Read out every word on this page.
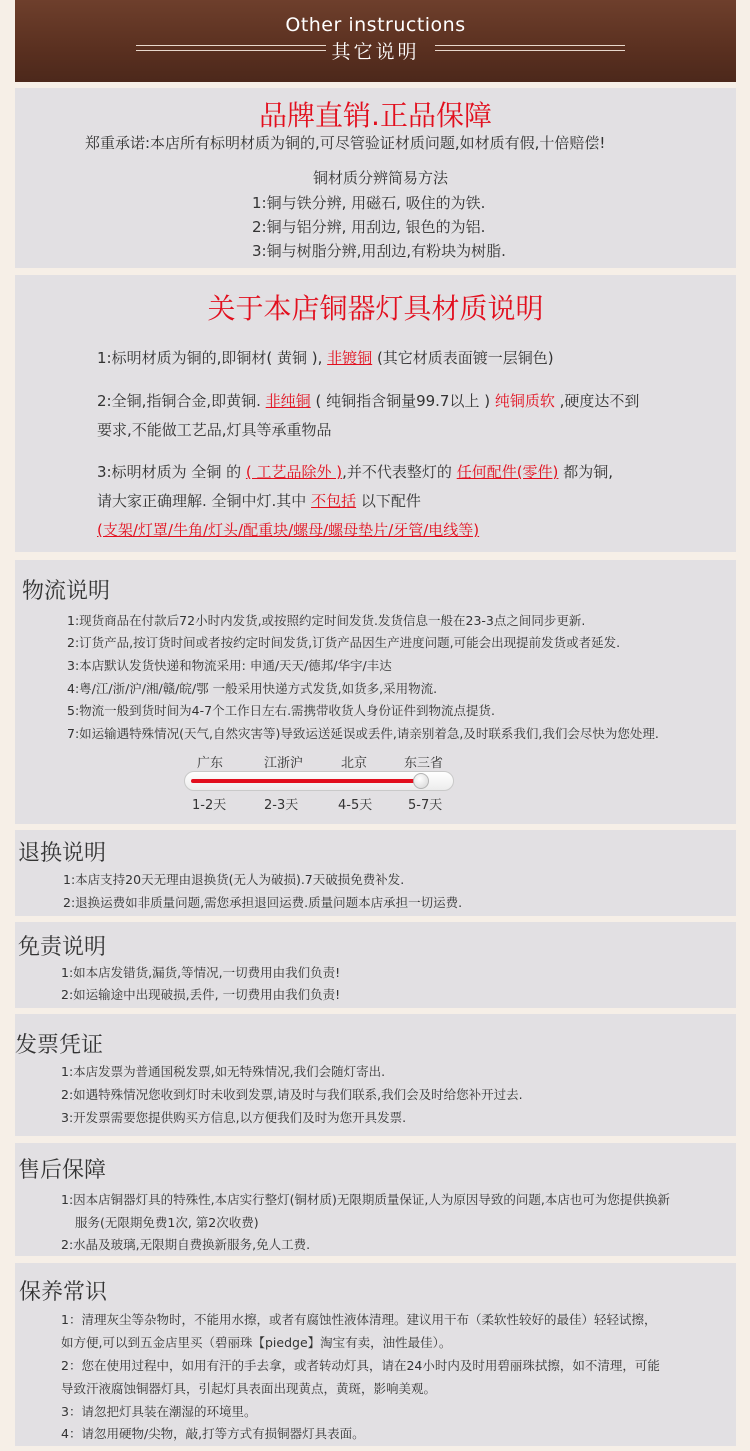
Other instructions
其它说明
品牌直销.正品保障
郑重承诺:本店所有标明材质为铜的,可尽管验证材质问题,如材质有假,十倍赔偿!
铜材质分辨简易方法
1:铜与铁分辨, 用磁石, 吸住的为铁.
2:铜与铝分辨, 用刮边, 银色的为铝.
3:铜与树脂分辨,用刮边,有粉块为树脂.
关于本店铜器灯具材质说明
1:标明材质为铜的,即铜材( 黄铜 ), 非镀铜 (其它材质表面镀一层铜色)
2:全铜,指铜合金,即黄铜. 非纯铜 ( 纯铜指含铜量99.7以上 ) 纯铜质软 ,硬度达不到
要求,不能做工艺品,灯具等承重物品
3:标明材质为 全铜 的 ( 工艺品除外 ),并不代表整灯的 任何配件(零件) 都为铜,
请大家正确理解. 全铜中灯.其中 不包括 以下配件
(支架/灯罩/牛角/灯头/配重块/螺母/螺母垫片/牙管/电线等)
物流说明
1:现货商品在付款后72小时内发货,或按照约定时间发货.发货信息一般在23-3点之间同步更新.
2:订货产品,按订货时间或者按约定时间发货,订货产品因生产进度问题,可能会出现提前发货或者延发.
3:本店默认发货快递和物流采用: 申通/天天/德邦/华宇/丰达
4:粤/江/浙/沪/湘/赣/皖/鄂 一般采用快递方式发货,如货多,采用物流.
5:物流一般到货时间为4-7个工作日左右.需携带收货人身份证件到物流点提货.
7:如运输遇特殊情况(天气,自然灾害等)导致运送延误或丢件,请亲别着急,及时联系我们,我们会尽快为您处理.
广东	江浙沪	北京	东三省
1-2天	2-3天	4-5天	5-7天
退换说明
1:本店支持20天无理由退换货(无人为破损).7天破损免费补发.
2:退换运费如非质量问题,需您承担退回运费.质量问题本店承担一切运费.
免责说明
1:如本店发错货,漏货,等情况,一切费用由我们负责!
2:如运输途中出现破损,丢件, 一切费用由我们负责!
发票凭证
1:本店发票为普通国税发票,如无特殊情况,我们会随灯寄出.
2:如遇特殊情况您收到灯时未收到发票,请及时与我们联系,我们会及时给您补开过去.
3:开发票需要您提供购买方信息,以方便我们及时为您开具发票.
售后保障
1:因本店铜器灯具的特殊性,本店实行整灯(铜材质)无限期质量保证,人为原因导致的问题,本店也可为您提供换新
服务(无限期免费1次, 第2次收费)
2:水晶及玻璃,无限期自费换新服务,免人工费.
保养常识
1：清理灰尘等杂物时，不能用水擦，或者有腐蚀性液体清理。建议用干布（柔软性较好的最佳）轻轻试擦，
如方便,可以到五金店里买（碧丽珠【piedge】淘宝有卖，油性最佳）。
2：您在使用过程中，如用有汗的手去拿，或者转动灯具，请在24小时内及时用碧丽珠拭擦，如不清理，可能
导致汗液腐蚀铜器灯具，引起灯具表面出现黄点，黄斑，影响美观。
3：请忽把灯具装在潮湿的环境里。
4：请忽用硬物/尖物，敲,打等方式有损铜器灯具表面。
